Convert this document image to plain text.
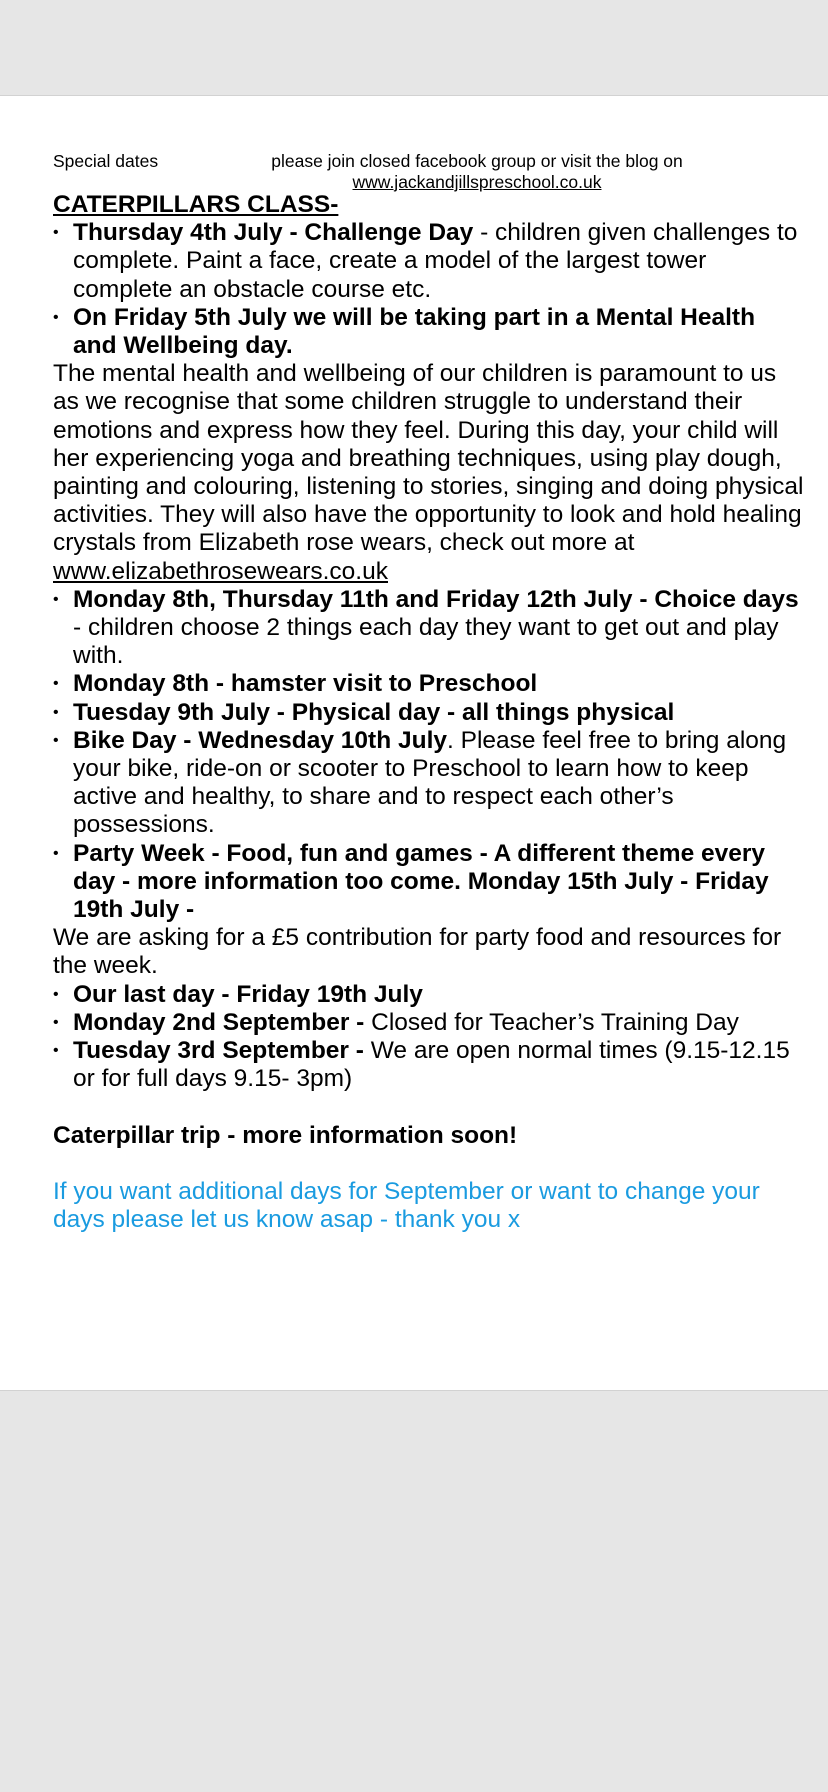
Special dates	please join closed facebook group or visit the blog on
www.jackandjillspreschool.co.uk

CATERPILLARS CLASS-

• Thursday 4th July - Challenge Day - children given challenges to complete. Paint a face, create a model of the largest tower complete an obstacle course etc.
• On Friday 5th July we will be taking part in a Mental Health and Wellbeing day.

The mental health and wellbeing of our children is paramount to us as we recognise that some children struggle to understand their emotions and express how they feel. During this day, your child will her experiencing yoga and breathing techniques, using play dough, painting and colouring, listening to stories, singing and doing physical activities. They will also have the opportunity to look and hold healing crystals from Elizabeth rose wears, check out more at www.elizabethrosewears.co.uk

• Monday 8th, Thursday 11th and Friday 12th July - Choice days - children choose 2 things each day they want to get out and play with.
• Monday 8th - hamster visit to Preschool
• Tuesday 9th July - Physical day - all things physical
• Bike Day - Wednesday 10th July. Please feel free to bring along your bike, ride-on or scooter to Preschool to learn how to keep active and healthy, to share and to respect each other’s possessions.
• Party Week - Food, fun and games - A different theme every day - more information too come. Monday 15th July - Friday 19th July -

We are asking for a £5 contribution for party food and resources for the week.

• Our last day - Friday 19th July
• Monday 2nd September - Closed for Teacher’s Training Day
• Tuesday 3rd September - We are open normal times (9.15-12.15 or for full days 9.15- 3pm)

Caterpillar trip - more information soon!

If you want additional days for September or want to change your days please let us know asap - thank you x
